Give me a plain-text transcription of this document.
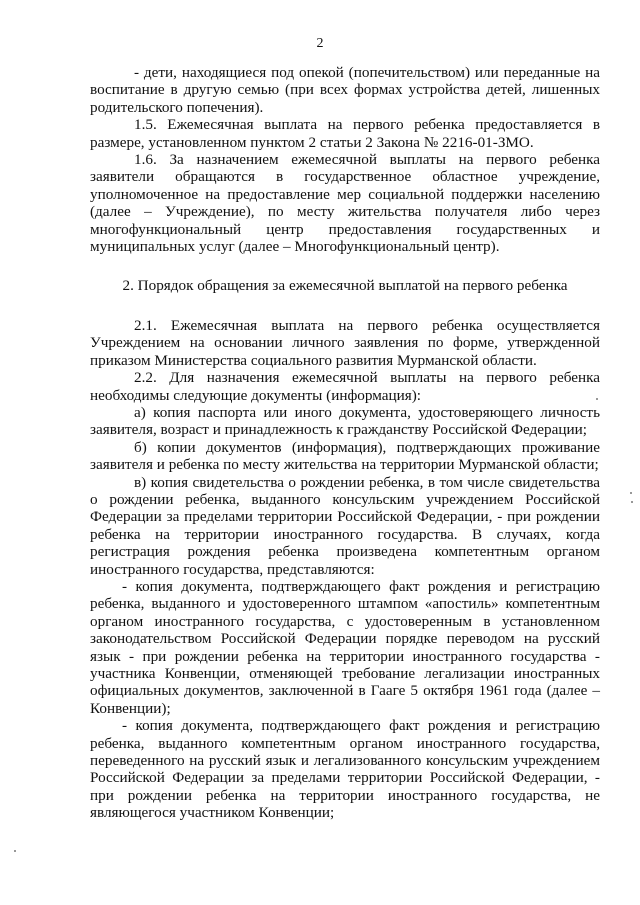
2

- дети, находящиеся под опекой (попечительством) или переданные на воспитание в другую семью (при всех формах устройства детей, лишенных родительского попечения).

1.5. Ежемесячная выплата на первого ребенка предоставляется в размере, установленном пунктом 2 статьи 2 Закона № 2216-01-ЗМО.

1.6. За назначением ежемесячной выплаты на первого ребенка заявители обращаются в государственное областное учреждение, уполномоченное на предоставление мер социальной поддержки населению (далее – Учреждение), по месту жительства получателя либо через многофункциональный центр предоставления государственных и муниципальных услуг (далее – Многофункциональный центр).

2. Порядок обращения за ежемесячной выплатой на первого ребенка

2.1. Ежемесячная выплата на первого ребенка осуществляется Учреждением на основании личного заявления по форме, утвержденной приказом Министерства социального развития Мурманской области.

2.2. Для назначения ежемесячной выплаты на первого ребенка необходимы следующие документы (информация):

а) копия паспорта или иного документа, удостоверяющего личность заявителя, возраст и принадлежность к гражданству Российской Федерации;

б) копии документов (информация), подтверждающих проживание заявителя и ребенка по месту жительства на территории Мурманской области;

в) копия свидетельства о рождении ребенка, в том числе свидетельства о рождении ребенка, выданного консульским учреждением Российской Федерации за пределами территории Российской Федерации, - при рождении ребенка на территории иностранного государства. В случаях, когда регистрация рождения ребенка произведена компетентным органом иностранного государства, представляются:

- копия документа, подтверждающего факт рождения и регистрацию ребенка, выданного и удостоверенного штампом «апостиль» компетентным органом иностранного государства, с удостоверенным в установленном законодательством Российской Федерации порядке переводом на русский язык - при рождении ребенка на территории иностранного государства - участника Конвенции, отменяющей требование легализации иностранных официальных документов, заключенной в Гааге 5 октября 1961 года (далее – Конвенции);

- копия документа, подтверждающего факт рождения и регистрацию ребенка, выданного компетентным органом иностранного государства, переведенного на русский язык и легализованного консульским учреждением Российской Федерации за пределами территории Российской Федерации, - при рождении ребенка на территории иностранного государства, не являющегося участником Конвенции;
